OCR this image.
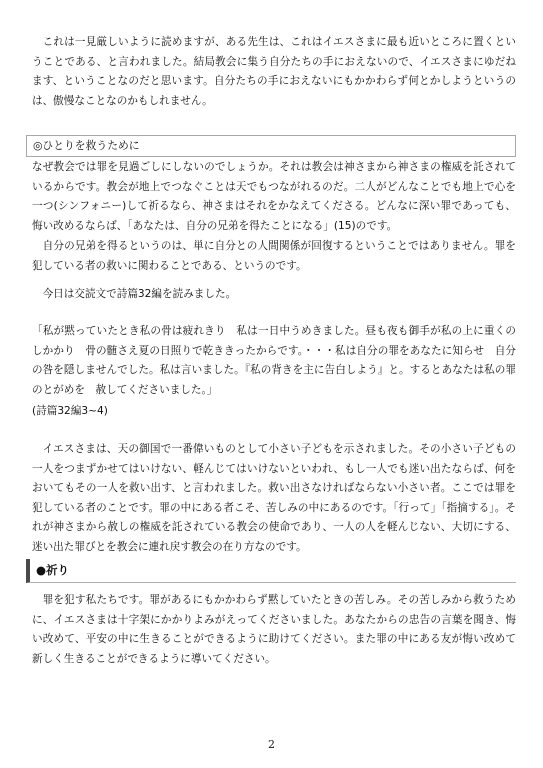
これは一見厳しいように読めますが、ある先生は、これはイエスさまに最も近いところに置くということである、と言われました。結局教会に集う自分たちの手におえないので、イエスさまにゆだねます、ということなのだと思います。自分たちの手におえないにもかかわらず何とかしようというのは、傲慢なことなのかもしれません。

◎ひとりを救うために

なぜ教会では罪を見過ごしにしないのでしょうか。それは教会は神さまから神さまの権威を託されているからです。教会が地上でつなぐことは天でもつながれるのだ。二人がどんなことでも地上で心を一つ(シンフォニー)して祈るなら、神さまはそれをかなえてくださる。どんなに深い罪であっても、悔い改めるならば、「あなたは、自分の兄弟を得たことになる」(15)のです。

自分の兄弟を得るというのは、単に自分との人間関係が回復するということではありません。罪を犯している者の救いに関わることである、というのです。

今日は交読文で詩篇32編を読みました。

「私が黙っていたとき私の骨は疲れきり　私は一日中うめきました。昼も夜も御手が私の上に重くのしかかり　骨の髄さえ夏の日照りで乾ききったからです。・・・私は自分の罪をあなたに知らせ　自分の咎を隠しませんでした。私は言いました。『私の背きを主に告白しよう』と。するとあなたは私の罪のとがめを　赦してくださいました。」

(詩篇32編3~4)

イエスさまは、天の御国で一番偉いものとして小さい子どもを示されました。その小さい子どもの一人をつまずかせてはいけない、軽んじてはいけないといわれ、もし一人でも迷い出たならば、何をおいてもその一人を救い出す、と言われました。救い出さなければならない小さい者。ここでは罪を犯している者のことです。罪の中にある者こそ、苦しみの中にあるのです。「行って」「指摘する」。それが神さまから赦しの権威を託されている教会の使命であり、一人の人を軽んじない、大切にする、迷い出た罪びとを教会に連れ戻す教会の在り方なのです。

●祈り

罪を犯す私たちです。罪があるにもかかわらず黙していたときの苦しみ。その苦しみから救うために、イエスさまは十字架にかかりよみがえってくださいました。あなたからの忠告の言葉を聞き、悔い改めて、平安の中に生きることができるように助けてください。また罪の中にある友が悔い改めて新しく生きることができるように導いてください。

2
